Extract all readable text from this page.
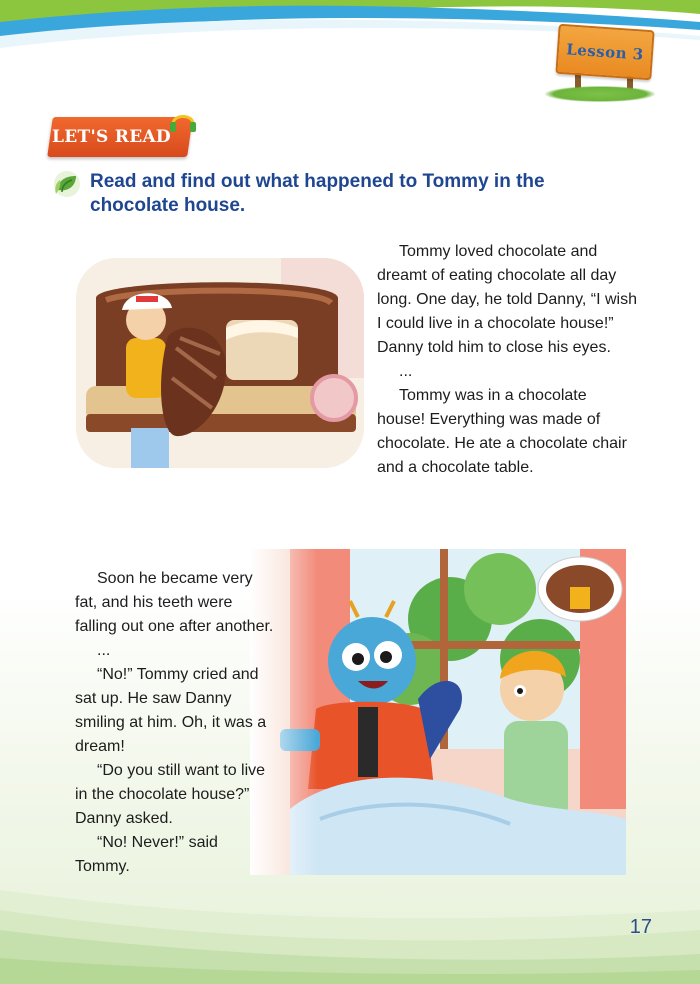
Lesson 3
LET'S READ
Read and find out what happened to Tommy in the chocolate house.

Tommy loved chocolate and dreamt of eating chocolate all day long. One day, he told Danny, “I wish I could live in a chocolate house!” Danny told him to close his eyes.

...

Tommy was in a chocolate house! Everything was made of chocolate. He ate a chocolate chair and a chocolate table.

Soon he became very fat, and his teeth were falling out one after another.

...

“No!” Tommy cried and sat up. He saw Danny smiling at him. Oh, it was a dream!

“Do you still want to live in the chocolate house?” Danny asked.

“No! Never!” said Tommy.

17
